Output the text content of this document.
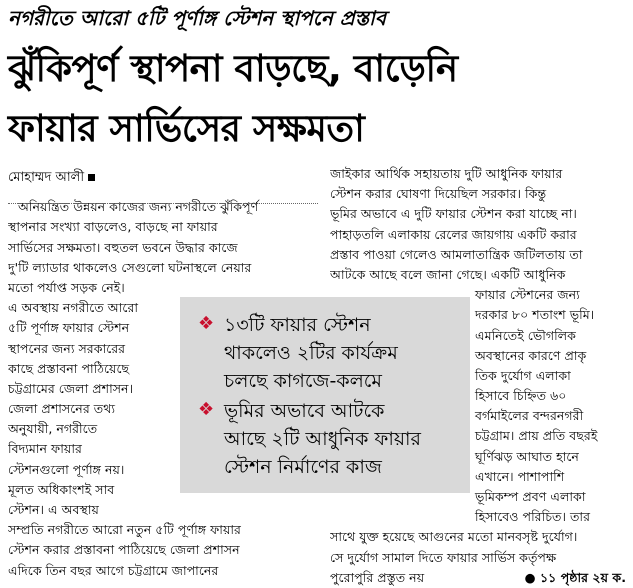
নগরীতে আরো ৫টি পূর্ণাঙ্গ স্টেশন স্থাপনে প্রস্তাব
ঝুঁকিপূর্ণ স্থাপনা বাড়ছে, বাড়েনি
ফায়ার সার্ভিসের সক্ষমতা
মোহাম্মদ আলী
অনিয়ন্ত্রিত উন্নয়ন কাজের জন্য নগরীতে ঝুঁকিপূর্ণ
স্থাপনার সংখ্যা বাড়লেও, বাড়ছে না ফায়ার
সার্ভিসের সক্ষমতা। বহুতল ভবনে উদ্ধার কাজে
দু'টি ল্যাডার থাকলেও সেগুলো ঘটনাস্থলে নেয়ার
মতো পর্যাপ্ত সড়ক নেই।
এ অবস্থায় নগরীতে আরো
৫টি পূর্ণাঙ্গ ফায়ার স্টেশন
স্থাপনের জন্য সরকারের
কাছে প্রস্তাবনা পাঠিয়েছে
চট্টগ্রামের জেলা প্রশাসন।
জেলা প্রশাসনের তথ্য
অনুযায়ী, নগরীতে
বিদ্যমান ফায়ার
স্টেশনগুলো পূর্ণাঙ্গ নয়।
মূলত অধিকাংশই সাব
স্টেশন। এ অবস্থায়
সম্প্রতি নগরীতে আরো নতুন ৫টি পূর্ণাঙ্গ ফায়ার
স্টেশন করার প্রস্তাবনা পাঠিয়েছে জেলা প্রশাসন
এদিকে তিন বছর আগে চট্টগ্রামে জাপানের
জাইকার আর্থিক সহায়তায় দুটি আধুনিক ফায়ার
স্টেশন করার ঘোষণা দিয়েছিল সরকার। কিন্তু
ভূমির অভাবে এ দুটি ফায়ার স্টেশন করা যাচ্ছে না।
পাহাড়তলি এলাকায় রেলের জায়গায় একটি করার
প্রস্তাব পাওয়া গেলেও আমলাতান্ত্রিক জটিলতায় তা
আটকে আছে বলে জানা গেছে। একটি আধুনিক
ফায়ার স্টেশনের জন্য
দরকার ৮০ শতাংশ ভূমি।
এমনিতেই ভৌগলিক
অবস্থানের কারণে প্রাকৃ
তিক দুর্যোগ এলাকা
হিসাবে চিহ্নিত ৬০
বর্গমাইলের বন্দরনগরী
চট্টগ্রাম। প্রায় প্রতি বছরই
ঘূর্ণিঝড় আঘাত হানে
এখানে। পাশাপাশি
ভূমিকম্প প্রবণ এলাকা
হিসাবেও পরিচিত। তার
সাথে যুক্ত হয়েছে আগুনের মতো মানবসৃষ্ট দুর্যোগ।
সে দুর্যোগ সামাল দিতে ফায়ার সার্ভিস কর্তৃপক্ষ
পুরোপুরি প্রস্তুত নয়	● ১১ পৃষ্ঠার ২য় ক.
❖ ১৩টি ফায়ার স্টেশন
থাকলেও ২টির কার্যক্রম
চলছে কাগজে-কলমে
❖ ভূমির অভাবে আটকে
আছে ২টি আধুনিক ফায়ার
স্টেশন নির্মাণের কাজ
